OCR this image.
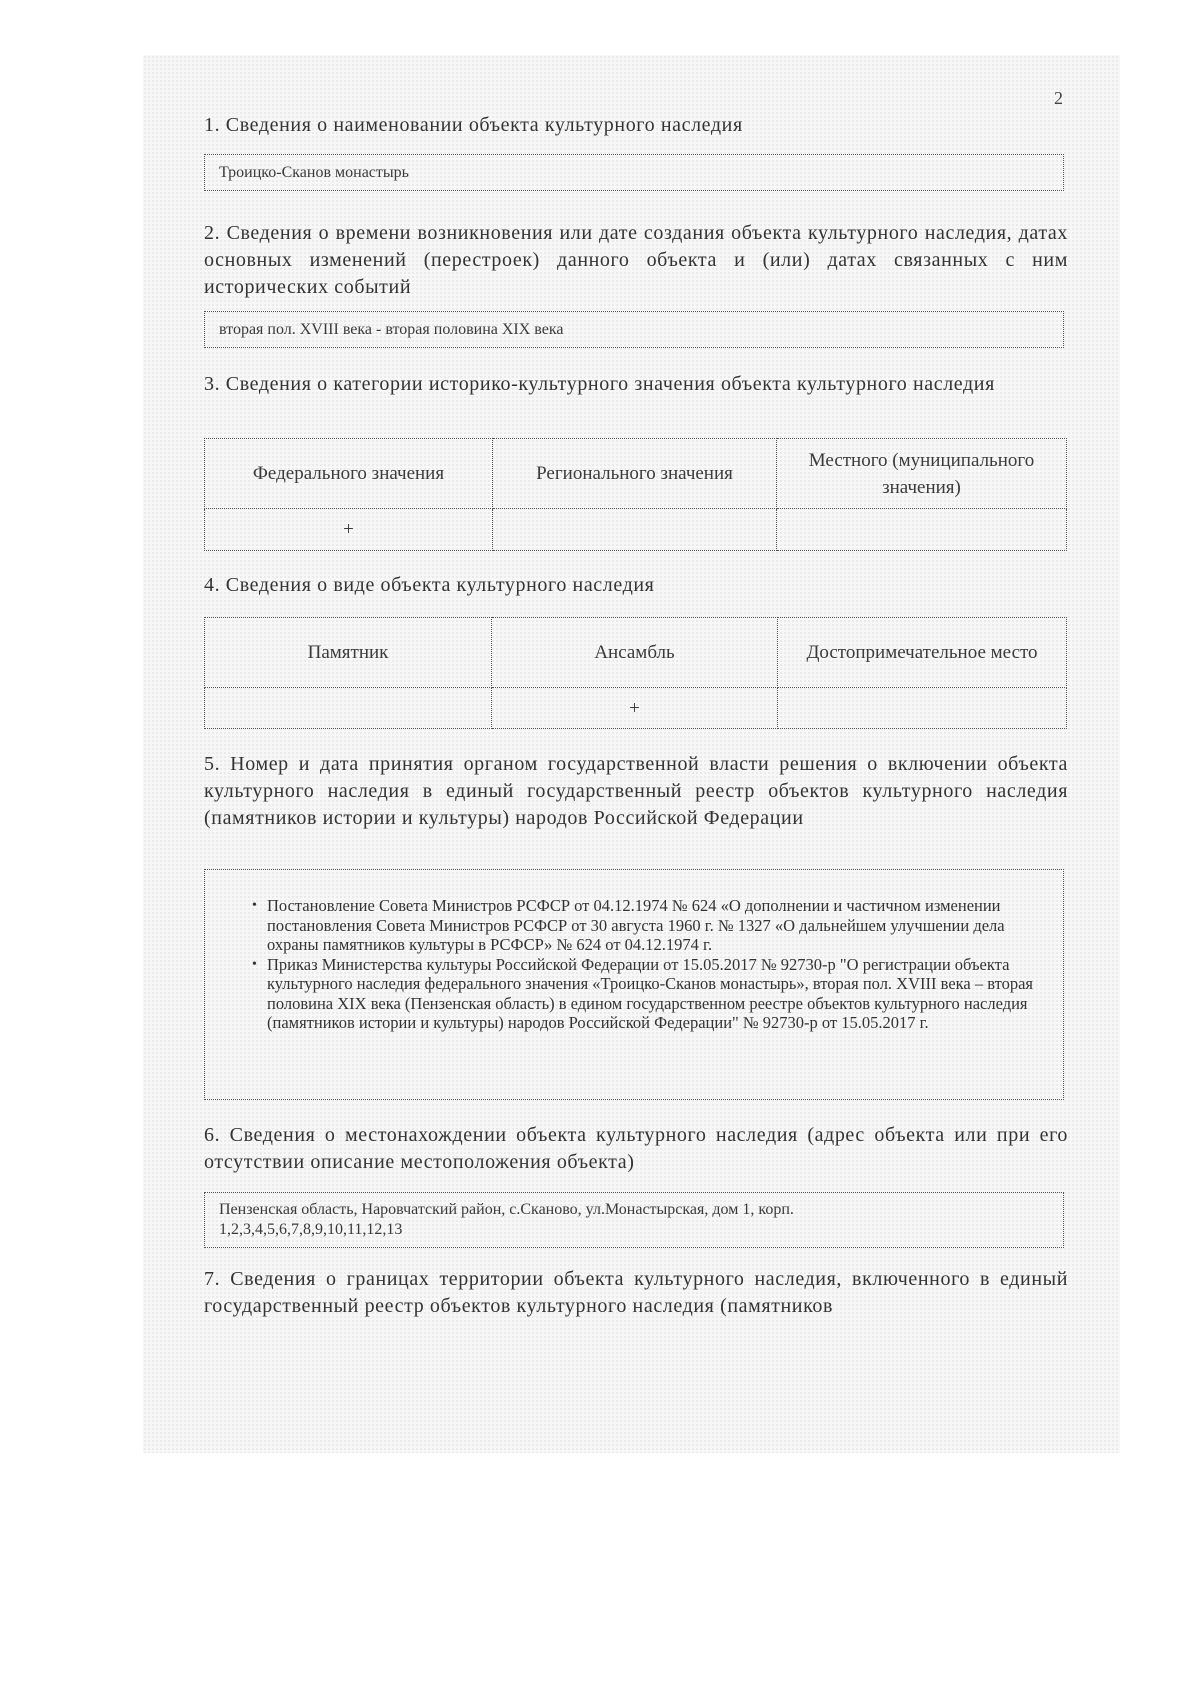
2
1. Сведения о наименовании объекта культурного наследия
Троицко-Сканов монастырь
2. Сведения о времени возникновения или дате создания объекта культурного наследия, датах основных изменений (перестроек) данного объекта и (или) датах связанных с ним исторических событий
вторая пол. XVIII века - вторая половина XIX века
3. Сведения о категории историко-культурного значения объекта культурного наследия
Федерального значения	Регионального значения	Местного (муниципального значения)
+		
4. Сведения о виде объекта культурного наследия
Памятник	Ансамбль	Достопримечательное место
	+	
5. Номер и дата принятия органом государственной власти решения о включении объекта культурного наследия в единый государственный реестр объектов культурного наследия (памятников истории и культуры) народов Российской Федерации
• Постановление Совета Министров РСФСР от 04.12.1974 № 624 «О дополнении и частичном изменении постановления Совета Министров РСФСР от 30 августа 1960 г. № 1327 «О дальнейшем улучшении дела охраны памятников культуры в РСФСР» № 624 от 04.12.1974 г.
• Приказ Министерства культуры Российской Федерации от 15.05.2017 № 92730-р "О регистрации объекта культурного наследия федерального значения «Троицко-Сканов монастырь», вторая пол. XVIII века – вторая половина XIX века (Пензенская область) в едином государственном реестре объектов культурного наследия (памятников истории и культуры) народов Российской Федерации" № 92730-р от 15.05.2017 г.
6. Сведения о местонахождении объекта культурного наследия (адрес объекта или при его отсутствии описание местоположения объекта)
Пензенская область, Наровчатский район, с.Сканово, ул.Монастырская, дом 1, корп. 1,2,3,4,5,6,7,8,9,10,11,12,13
7. Сведения о границах территории объекта культурного наследия, включенного в единый государственный реестр объектов культурного наследия (памятников
